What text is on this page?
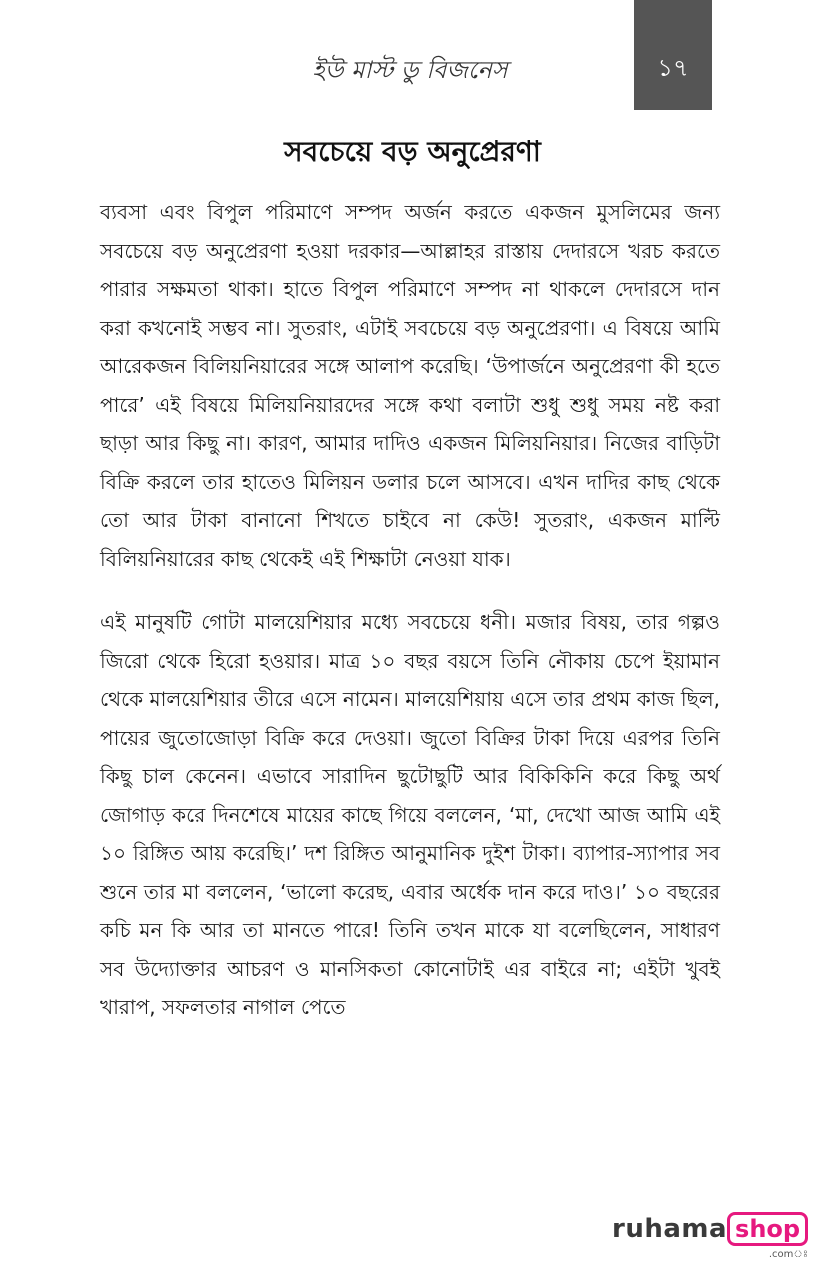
ইউ মাস্ট ডু বিজনেস	১৭
সবচেয়ে বড় অনুপ্রেরণা

ব্যবসা এবং বিপুল পরিমাণে সম্পদ অর্জন করতে একজন মুসলিমের জন্য সবচেয়ে বড় অনুপ্রেরণা হওয়া দরকার—আল্লাহর রাস্তায় দেদারসে খরচ করতে পারার সক্ষমতা থাকা। হাতে বিপুল পরিমাণে সম্পদ না থাকলে দেদারসে দান করা কখনোই সম্ভব না। সুতরাং, এটাই সবচেয়ে বড় অনুপ্রেরণা। এ বিষয়ে আমি আরেকজন বিলিয়নিয়ারের সঙ্গে আলাপ করেছি। ‘উপার্জনে অনুপ্রেরণা কী হতে পারে’ এই বিষয়ে মিলিয়নিয়ারদের সঙ্গে কথা বলাটা শুধু শুধু সময় নষ্ট করা ছাড়া আর কিছু না। কারণ, আমার দাদিও একজন মিলিয়নিয়ার। নিজের বাড়িটা বিক্রি করলে তার হাতেও মিলিয়ন ডলার চলে আসবে। এখন দাদির কাছ থেকে তো আর টাকা বানানো শিখতে চাইবে না কেউ! সুতরাং, একজন মাল্টি বিলিয়নিয়ারের কাছ থেকেই এই শিক্ষাটা নেওয়া যাক।

এই মানুষটি গোটা মালয়েশিয়ার মধ্যে সবচেয়ে ধনী। মজার বিষয়, তার গল্পও জিরো থেকে হিরো হওয়ার। মাত্র ১০ বছর বয়সে তিনি নৌকায় চেপে ইয়ামান থেকে মালয়েশিয়ার তীরে এসে নামেন। মালয়েশিয়ায় এসে তার প্রথম কাজ ছিল, পায়ের জুতোজোড়া বিক্রি করে দেওয়া। জুতো বিক্রির টাকা দিয়ে এরপর তিনি কিছু চাল কেনেন। এভাবে সারাদিন ছুটোছুটি আর বিকিকিনি করে কিছু অর্থ জোগাড় করে দিনশেষে মায়ের কাছে গিয়ে বললেন, ‘মা, দেখো আজ আমি এই ১০ রিঙ্গিত আয় করেছি।’ দশ রিঙ্গিত আনুমানিক দুইশ টাকা। ব্যাপার-স্যাপার সব শুনে তার মা বললেন, ‘ভালো করেছ, এবার অর্ধেক দান করে দাও।’ ১০ বছরের কচি মন কি আর তা মানতে পারে! তিনি তখন মাকে যা বলেছিলেন, সাধারণ সব উদ্যোক্তার আচরণ ও মানসিকতা কোনোটাই এর বাইরে না; এইটা খুবই খারাপ, সফলতার নাগাল পেতে

ruhama shop
.comঃ
